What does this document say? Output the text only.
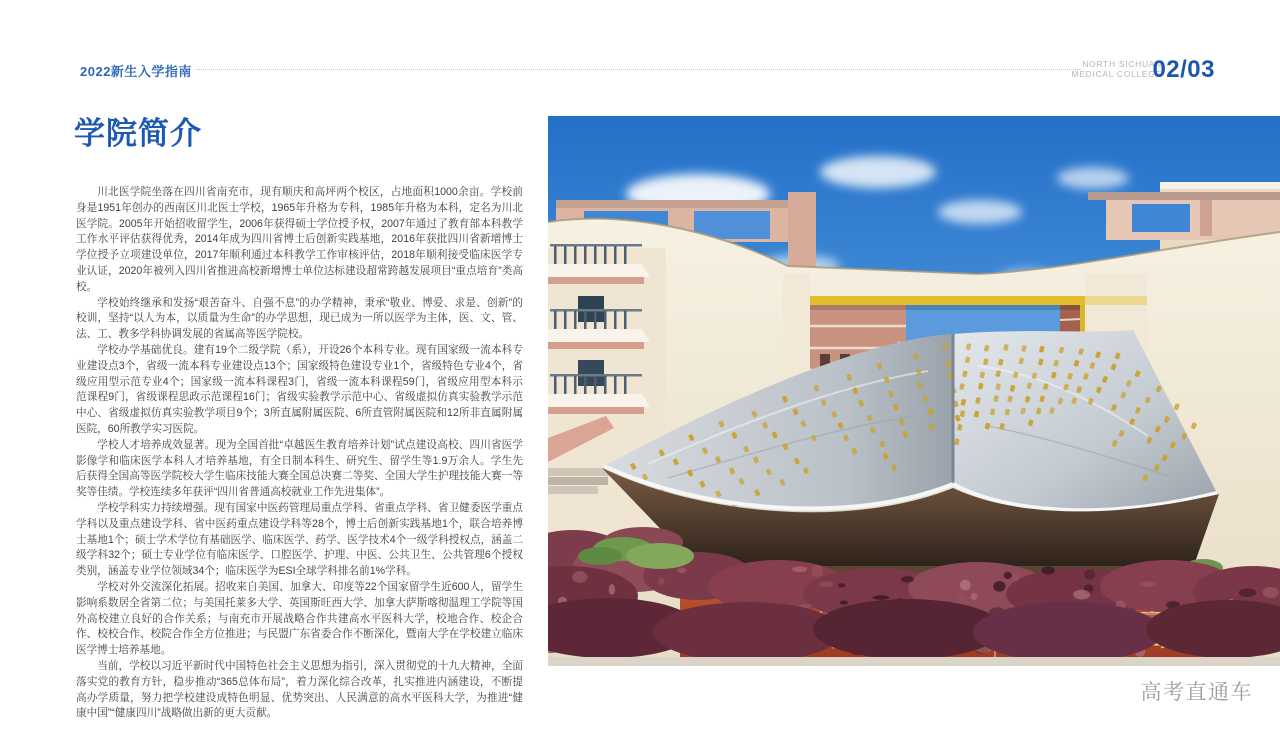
2022新生入学指南	NORTH SICHUAN
MEDICAL COLLEGE
02/03
学院简介

川北医学院坐落在四川省南充市，现有顺庆和高坪两个校区，占地面积1000余亩。学校前身是1951年创办的西南区川北医士学校，1965年升格为专科，1985年升格为本科，定名为川北医学院。2005年开始招收留学生，2006年获得硕士学位授予权，2007年通过了教育部本科教学工作水平评估获得优秀，2014年成为四川省博士后创新实践基地，2016年获批四川省新增博士学位授予立项建设单位，2017年顺利通过本科教学工作审核评估，2018年顺利接受临床医学专业认证，2020年被列入四川省推进高校新增博士单位达标建设超常跨越发展项目“重点培育”类高校。

学校始终继承和发扬“艰苦奋斗、自强不息”的办学精神，秉承“敬业、博爱、求是、创新”的校训，坚持“以人为本，以质量为生命”的办学思想，现已成为一所以医学为主体，医、文、管、法、工、教多学科协调发展的省属高等医学院校。

学校办学基础优良。建有19个二级学院（系），开设26个本科专业。现有国家级一流本科专业建设点3个，省级一流本科专业建设点13个；国家级特色建设专业1个，省级特色专业4个，省级应用型示范专业4个；国家级一流本科课程3门，省级一流本科课程59门，省级应用型本科示范课程9门，省级课程思政示范课程16门；省级实验教学示范中心、省级虚拟仿真实验教学示范中心、省级虚拟仿真实验教学项目9个；3所直属附属医院、6所直管附属医院和12所非直属附属医院，60所教学实习医院。

学校人才培养成效显著。现为全国首批“卓越医生教育培养计划”试点建设高校、四川省医学影像学和临床医学本科人才培养基地，有全日制本科生、研究生、留学生等1.9万余人。学生先后获得全国高等医学院校大学生临床技能大赛全国总决赛二等奖、全国大学生护理技能大赛一等奖等佳绩。学校连续多年获评“四川省普通高校就业工作先进集体”。

学校学科实力持续增强。现有国家中医药管理局重点学科、省重点学科、省卫健委医学重点学科以及重点建设学科、省中医药重点建设学科等28个，博士后创新实践基地1个，联合培养博士基地1个；硕士学术学位有基础医学、临床医学、药学、医学技术4个一级学科授权点，涵盖二级学科32个；硕士专业学位有临床医学、口腔医学、护理、中医、公共卫生、公共管理6个授权类别，涵盖专业学位领域34个；临床医学为ESI全球学科排名前1%学科。

学校对外交流深化拓展。招收来自美国、加拿大、印度等22个国家留学生近600人，留学生影响系数居全省第二位；与美国托莱多大学、英国斯旺西大学、加拿大萨斯喀彻温理工学院等国外高校建立良好的合作关系；与南充市开展战略合作共建高水平医科大学，校地合作、校企合作、校校合作、校院合作全方位推进；与民盟广东省委合作不断深化，暨南大学在学校建立临床医学博士培养基地。

当前，学校以习近平新时代中国特色社会主义思想为指引，深入贯彻党的十九大精神，全面落实党的教育方针，稳步推动“365总体布局”，着力深化综合改革，扎实推进内涵建设，不断提高办学质量，努力把学校建设成特色明显、优势突出、人民满意的高水平医科大学，为推进“健康中国”“健康四川”战略做出新的更大贡献。

高考直通车
